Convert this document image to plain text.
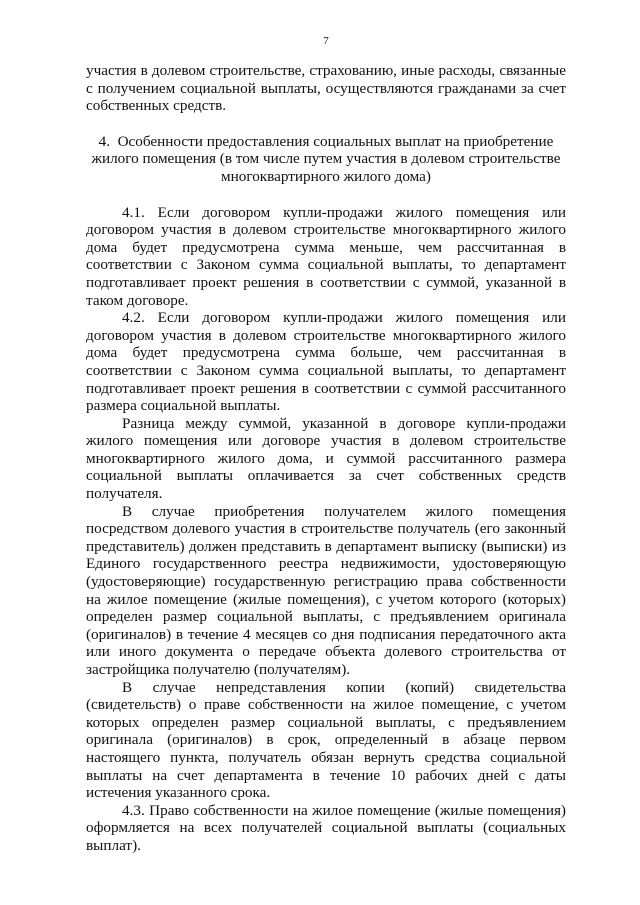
7

участия в долевом строительстве, страхованию, иные расходы, связанные с получением социальной выплаты, осуществляются гражданами за счет собственных средств.

4.  Особенности предоставления социальных выплат на приобретение
жилого помещения (в том числе путем участия в долевом строительстве
многоквартирного жилого дома)

4.1. Если договором купли-продажи жилого помещения или договором участия в долевом строительстве многоквартирного жилого дома будет предусмотрена сумма меньше, чем рассчитанная в соответствии с Законом сумма социальной выплаты, то департамент подготавливает проект решения в соответствии с суммой, указанной в таком договоре.

4.2. Если договором купли-продажи жилого помещения или договором участия в долевом строительстве многоквартирного жилого дома будет предусмотрена сумма больше, чем рассчитанная в соответствии с Законом сумма социальной выплаты, то департамент подготавливает проект решения в соответствии с суммой рассчитанного размера социальной выплаты.

Разница между суммой, указанной в договоре купли-продажи жилого помещения или договоре участия в долевом строительстве многоквартирного жилого дома, и суммой рассчитанного размера социальной выплаты оплачивается за счет собственных средств получателя.

В случае приобретения получателем жилого помещения посредством долевого участия в строительстве получатель (его законный представитель) должен представить в департамент выписку (выписки) из Единого государственного реестра недвижимости, удостоверяющую (удостоверяющие) государственную регистрацию права собственности на жилое помещение (жилые помещения), с учетом которого (которых) определен размер социальной выплаты, с предъявлением оригинала (оригиналов) в течение 4 месяцев со дня подписания передаточного акта или иного документа о передаче объекта долевого строительства от застройщика получателю (получателям).

В случае непредставления копии (копий) свидетельства (свидетельств) о праве собственности на жилое помещение, с учетом которых определен размер социальной выплаты, с предъявлением оригинала (оригиналов) в срок, определенный в абзаце первом настоящего пункта, получатель обязан вернуть средства социальной выплаты на счет департамента в течение 10 рабочих дней с даты истечения указанного срока.

4.3. Право собственности на жилое помещение (жилые помещения) оформляется на всех получателей социальной выплаты (социальных выплат).
